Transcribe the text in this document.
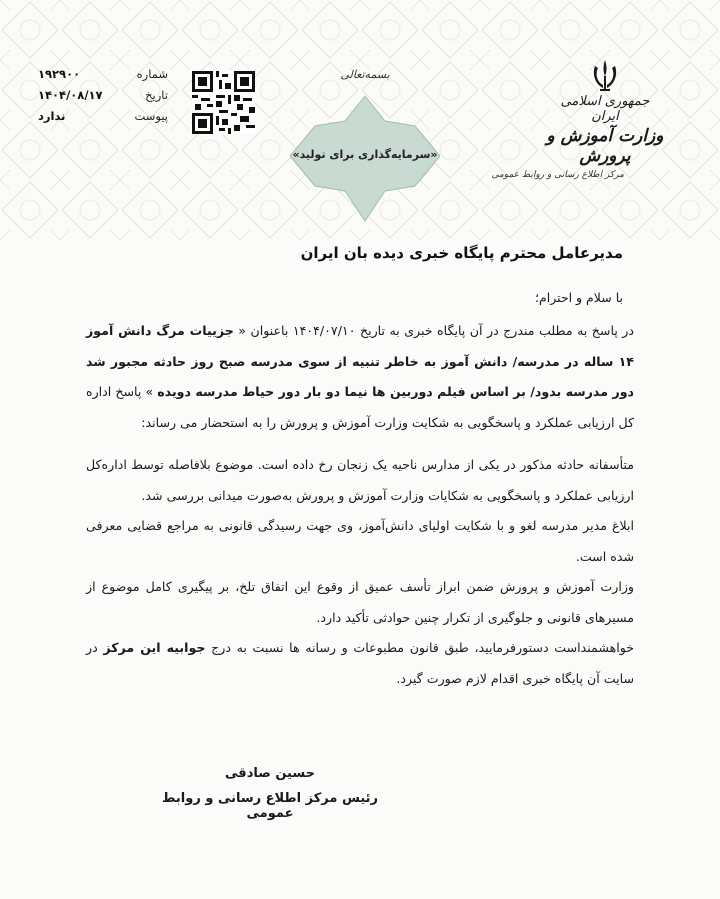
بسمه‌تعالی
«سرمایه‌گذاری برای تولید»
جمهوری اسلامی ایران
وزارت آموزش و پرورش
مرکز اطلاع رسانی و روابط عمومی
شماره
۱۹۲۹۰۰
تاریخ
۱۴۰۴/۰۸/۱۷
پیوست
ندارد
مدیرعامل محترم پایگاه خبری دیده بان ایران
با سلام و احترام؛

در پاسخ به مطلب مندرج در آن پایگاه خبری به تاریخ ۱۴۰۴/۰۷/۱۰ باعنوان « جزییات مرگ دانش آموز ۱۴ ساله در مدرسه/ دانش آموز به خاطر تنبیه از سوی مدرسه صبح روز حادثه مجبور شد دور مدرسه بدود/ بر اساس فیلم دوربین ها نیما دو بار دور حیاط مدرسه دویده » پاسخ اداره کل ارزیابی عملکرد و پاسخگویی به شکایت وزارت آموزش و پرورش را به استحضار می رساند:

متأسفانه حادثه مذکور در یکی از مدارس ناحیه یک زنجان رخ داده است. موضوع بلافاصله توسط اداره‌کل ارزیابی عملکرد و پاسخگویی به شکایات وزارت آموزش و پرورش به‌صورت میدانی بررسی شد.

ابلاغ مدیر مدرسه لغو و با شکایت اولیای دانش‌آموز، وی جهت رسیدگی قانونی به مراجع قضایی معرفی شده است.

وزارت آموزش و پرورش ضمن ابراز تأسف عمیق از وقوع این اتفاق تلخ، بر پیگیری کامل موضوع از مسیرهای قانونی و جلوگیری از تکرار چنین حوادثی تأکید دارد.

خواهشمنداست دستورفرمایید، طبق قانون مطبوعات و رسانه ها نسبت به درج جوابیه این مرکز در سایت آن پایگاه خبری اقدام لازم صورت گیرد.

حسین صادقی
رئیس مرکز اطلاع رسانی و روابط عمومی
